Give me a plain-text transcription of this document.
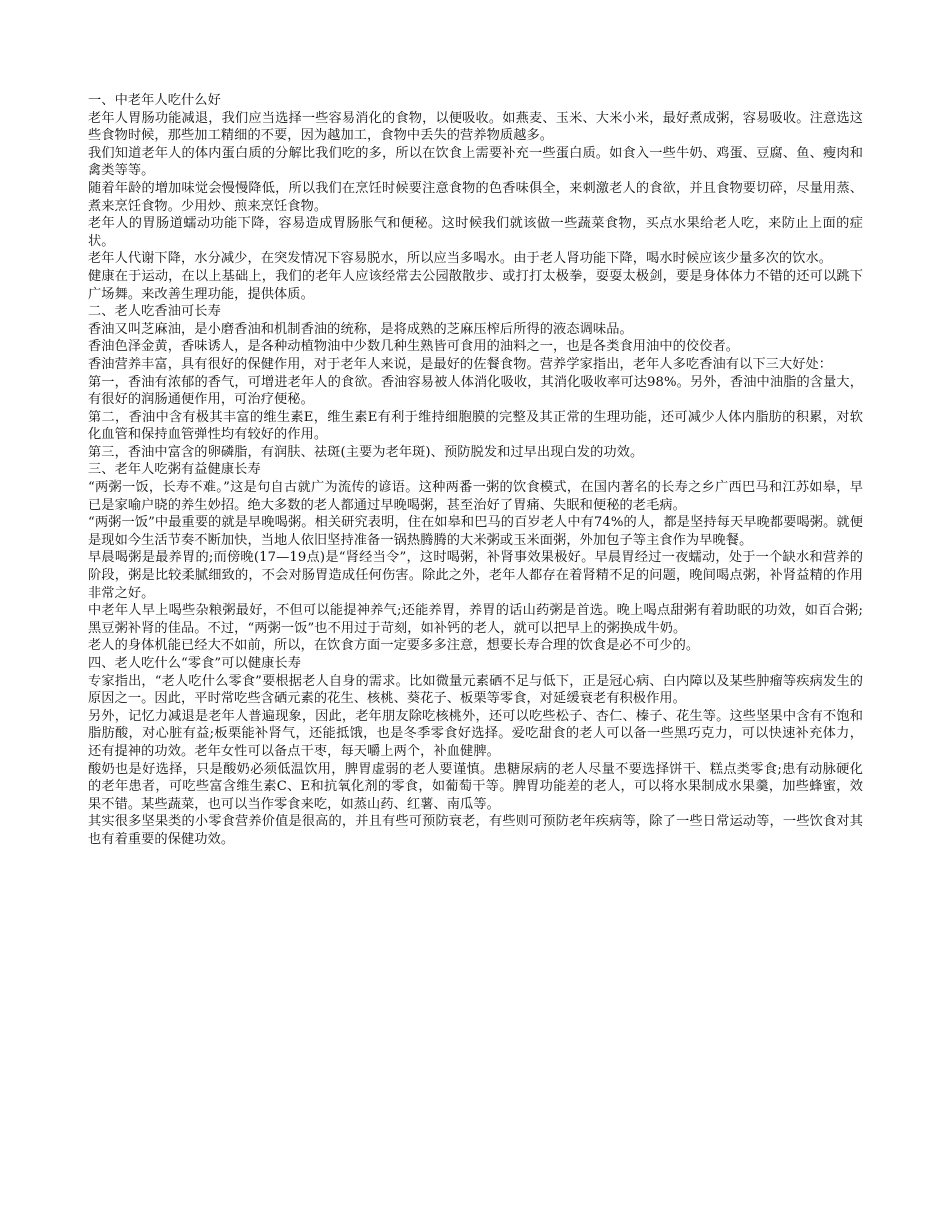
一、中老年人吃什么好

老年人胃肠功能减退，我们应当选择一些容易消化的食物，以便吸收。如燕麦、玉米、大米小米，最好煮成粥，容易吸收。注意选这些食物时候，那些加工精细的不要，因为越加工，食物中丢失的营养物质越多。

我们知道老年人的体内蛋白质的分解比我们吃的多，所以在饮食上需要补充一些蛋白质。如食入一些牛奶、鸡蛋、豆腐、鱼、瘦肉和禽类等等。

随着年龄的增加味觉会慢慢降低，所以我们在烹饪时候要注意食物的色香味俱全，来刺激老人的食欲，并且食物要切碎，尽量用蒸、煮来烹饪食物。少用炒、煎来烹饪食物。

老年人的胃肠道蠕动功能下降，容易造成胃肠胀气和便秘。这时候我们就该做一些蔬菜食物，买点水果给老人吃，来防止上面的症状。

老年人代谢下降，水分减少，在突发情况下容易脱水，所以应当多喝水。由于老人肾功能下降，喝水时候应该少量多次的饮水。

健康在于运动，在以上基础上，我们的老年人应该经常去公园散散步、或打打太极拳，耍耍太极剑，要是身体体力不错的还可以跳下广场舞。来改善生理功能，提供体质。

二、老人吃香油可长寿

香油又叫芝麻油，是小磨香油和机制香油的统称，是将成熟的芝麻压榨后所得的液态调味品。

香油色泽金黄，香味诱人，是各种动植物油中少数几种生熟皆可食用的油料之一，也是各类食用油中的佼佼者。

香油营养丰富，具有很好的保健作用，对于老年人来说，是最好的佐餐食物。营养学家指出，老年人多吃香油有以下三大好处：

第一，香油有浓郁的香气，可增进老年人的食欲。香油容易被人体消化吸收，其消化吸收率可达98%。另外，香油中油脂的含量大，有很好的润肠通便作用，可治疗便秘。

第二，香油中含有极其丰富的维生素E，维生素E有利于维持细胞膜的完整及其正常的生理功能，还可减少人体内脂肪的积累，对软化血管和保持血管弹性均有较好的作用。

第三，香油中富含的卵磷脂，有润肤、祛斑(主要为老年斑)、预防脱发和过早出现白发的功效。

三、老年人吃粥有益健康长寿

“两粥一饭，长寿不难。”这是句自古就广为流传的谚语。这种两番一粥的饮食模式，在国内著名的长寿之乡广西巴马和江苏如皋，早已是家喻户晓的养生妙招。绝大多数的老人都通过早晚喝粥，甚至治好了胃痛、失眠和便秘的老毛病。

“两粥一饭”中最重要的就是早晚喝粥。相关研究表明，住在如皋和巴马的百岁老人中有74%的人，都是坚持每天早晚都要喝粥。就便是现如今生活节奏不断加快，当地人依旧坚持准备一锅热腾腾的大米粥或玉米面粥，外加包子等主食作为早晚餐。

早晨喝粥是最养胃的;而傍晚(17—19点)是“肾经当令”，这时喝粥，补肾事效果极好。早晨胃经过一夜蠕动，处于一个缺水和营养的阶段，粥是比较柔腻细致的，不会对肠胃造成任何伤害。除此之外，老年人都存在着肾精不足的问题，晚间喝点粥，补肾益精的作用非常之好。

中老年人早上喝些杂粮粥最好，不但可以能提神养气;还能养胃，养胃的话山药粥是首选。晚上喝点甜粥有着助眠的功效，如百合粥;黑豆粥补肾的佳品。不过，“两粥一饭”也不用过于苛刻，如补钙的老人，就可以把早上的粥换成牛奶。

老人的身体机能已经大不如前，所以，在饮食方面一定要多多注意，想要长寿合理的饮食是必不可少的。

四、老人吃什么“零食”可以健康长寿

专家指出，“老人吃什么零食”要根据老人自身的需求。比如微量元素硒不足与低下，正是冠心病、白内障以及某些肿瘤等疾病发生的原因之一。因此，平时常吃些含硒元素的花生、核桃、葵花子、板栗等零食，对延缓衰老有积极作用。

另外，记忆力减退是老年人普遍现象，因此，老年朋友除吃核桃外，还可以吃些松子、杏仁、榛子、花生等。这些坚果中含有不饱和脂肪酸，对心脏有益;板栗能补肾气，还能抵饿，也是冬季零食好选择。爱吃甜食的老人可以备一些黑巧克力，可以快速补充体力，还有提神的功效。老年女性可以备点干枣，每天嚼上两个，补血健脾。

酸奶也是好选择，只是酸奶必须低温饮用，脾胃虚弱的老人要谨慎。患糖尿病的老人尽量不要选择饼干、糕点类零食;患有动脉硬化的老年患者，可吃些富含维生素C、E和抗氧化剂的零食，如葡萄干等。脾胃功能差的老人，可以将水果制成水果羹，加些蜂蜜，效果不错。某些蔬菜，也可以当作零食来吃，如蒸山药、红薯、南瓜等。

其实很多坚果类的小零食营养价值是很高的，并且有些可预防衰老，有些则可预防老年疾病等，除了一些日常运动等，一些饮食对其也有着重要的保健功效。
